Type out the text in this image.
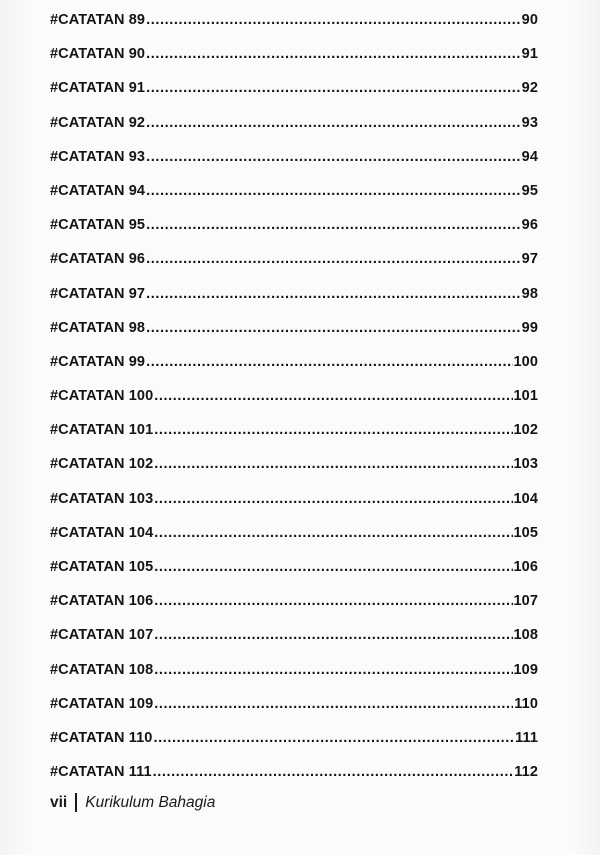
#CATATAN 89 .....	90
#CATATAN 90 .....	91
#CATATAN 91 .....	92
#CATATAN 92 .....	93
#CATATAN 93 .....	94
#CATATAN 94 .....	95
#CATATAN 95 .....	96
#CATATAN 96 .....	97
#CATATAN 97 .....	98
#CATATAN 98 .....	99
#CATATAN 99 .....	100
#CATATAN 100 .....	101
#CATATAN 101 .....	102
#CATATAN 102 .....	103
#CATATAN 103 .....	104
#CATATAN 104 .....	105
#CATATAN 105 .....	106
#CATATAN 106 .....	107
#CATATAN 107 .....	108
#CATATAN 108 .....	109
#CATATAN 109 .....	110
#CATATAN 110 .....	111
#CATATAN 111 .....	112
vii Kurikulum Bahagia
